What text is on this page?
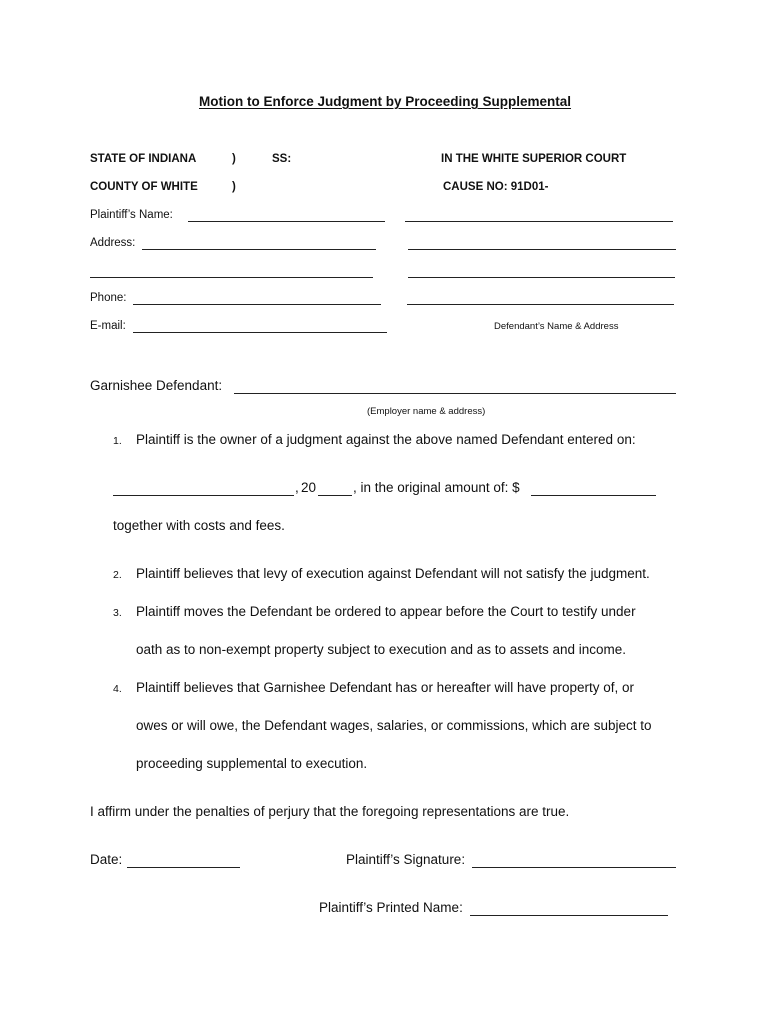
Motion to Enforce Judgment by Proceeding Supplemental
STATE OF INDIANA	)	SS:	IN THE WHITE SUPERIOR COURT
COUNTY OF WHITE	)	CAUSE NO: 91D01-
Plaintiff’s Name:
Address:
Phone:
E-mail:	Defendant’s Name & Address
Garnishee Defendant:
(Employer name & address)
1. Plaintiff is the owner of a judgment against the above named Defendant entered on:
, 20	, in the original amount of: $
together with costs and fees.
2. Plaintiff believes that levy of execution against Defendant will not satisfy the judgment.
3. Plaintiff moves the Defendant be ordered to appear before the Court to testify under
oath as to non-exempt property subject to execution and as to assets and income.
4. Plaintiff believes that Garnishee Defendant has or hereafter will have property of, or
owes or will owe, the Defendant wages, salaries, or commissions, which are subject to
proceeding supplemental to execution.
I affirm under the penalties of perjury that the foregoing representations are true.
Date:	Plaintiff’s Signature:
Plaintiff’s Printed Name:
